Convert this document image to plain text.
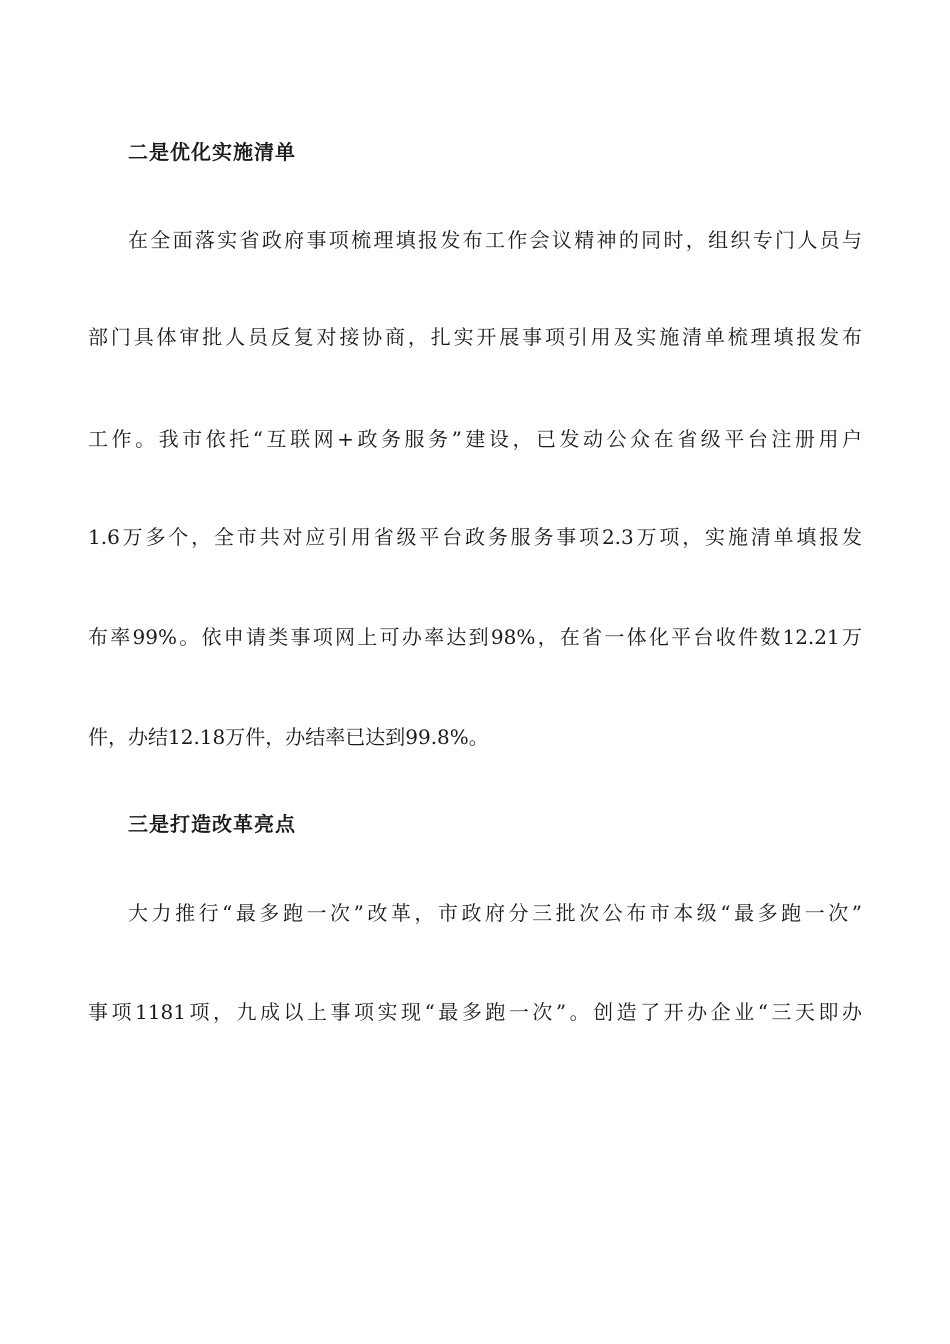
二是优化实施清单
在全面落实省政府事项梳理填报发布工作会议精神的同时，组织专门人员与
部门具体审批人员反复对接协商，扎实开展事项引用及实施清单梳理填报发布
工作。我市依托“互联网+政务服务”建设，已发动公众在省级平台注册用户
1.6万多个，全市共对应引用省级平台政务服务事项2.3万项，实施清单填报发
布率99%。依申请类事项网上可办率达到98%，在省一体化平台收件数12.21万
件，办结12.18万件，办结率已达到99.8%。
三是打造改革亮点
大力推行“最多跑一次”改革，市政府分三批次公布市本级“最多跑一次”
事项1181项，九成以上事项实现“最多跑一次”。创造了开办企业“三天即办
